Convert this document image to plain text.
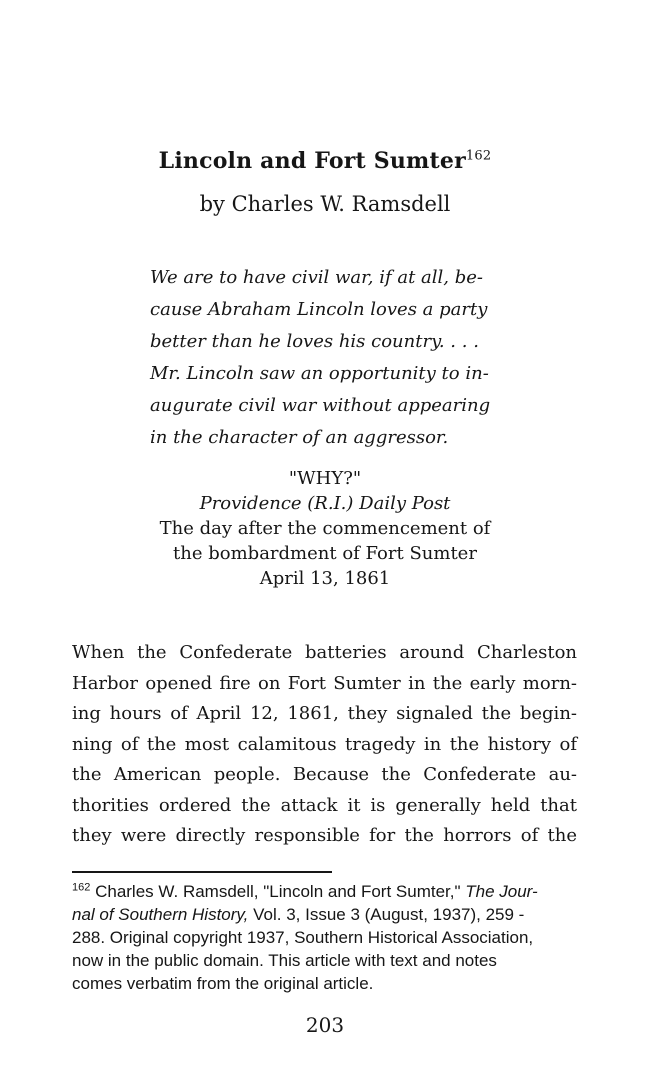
Lincoln and Fort Sumter$^{162}$
by Charles W. Ramsdell
We are to have civil war, if at all, be-
cause Abraham Lincoln loves a party
better than he loves his country. . . .
Mr. Lincoln saw an opportunity to in-
augurate civil war without appearing
in the character of an aggressor.
"WHY?"
Providence (R.I.) Daily Post
The day after the commencement of
the bombardment of Fort Sumter
April 13, 1861
When the Confederate batteries around Charleston
Harbor opened fire on Fort Sumter in the early morn-
ing hours of April 12, 1861, they signaled the begin-
ning of the most calamitous tragedy in the history of
the American people. Because the Confederate au-
thorities ordered the attack it is generally held that
they were directly responsible for the horrors of the
$^{162}$ Charles W. Ramsdell, "Lincoln and Fort Sumter," The Jour-
nal of Southern History, Vol. 3, Issue 3 (August, 1937), 259 -
288. Original copyright 1937, Southern Historical Association,
now in the public domain. This article with text and notes
comes verbatim from the original article.
203
